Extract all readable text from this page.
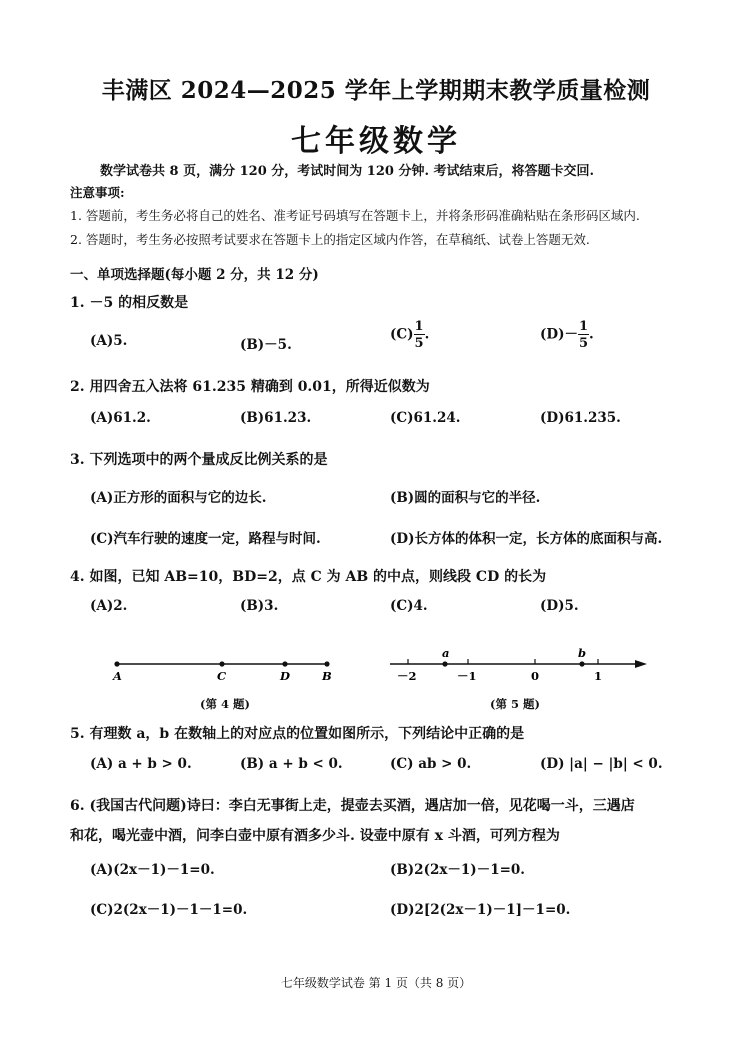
丰满区 2024—2025 学年上学期期末教学质量检测
七年级数学
数学试卷共 8 页，满分 120 分，考试时间为 120 分钟. 考试结束后，将答题卡交回.
注意事项:
1. 答题前，考生务必将自己的姓名、准考证号码填写在答题卡上，并将条形码准确粘贴在条形码区域内.
2. 答题时，考生务必按照考试要求在答题卡上的指定区域内作答，在草稿纸、试卷上答题无效.
一、单项选择题(每小题 2 分，共 12 分)
1. －5 的相反数是
(A)5.	(B)－5.
$(C) \frac{1}{5}$ .	$(D)- \frac{1}{5}$ .
2. 用四舍五入法将 61.235 精确到 0.01，所得近似数为
(A)61.2.	(B)61.23.	(C)61.24.	(D)61.235.
3. 下列选项中的两个量成反比例关系的是
(A)正方形的面积与它的边长.	(B)圆的面积与它的半径.
(C)汽车行驶的速度一定，路程与时间.	(D)长方体的体积一定，长方体的底面积与高.
4. 如图，已知 AB=10，BD=2，点 C 为 AB 的中点，则线段 CD 的长为
(A)2.	(B)3.	(C)4.	(D)5.
A	C	D	B
(第 4 题)
a	b
－2	－1	0	1
(第 5 题)
5. 有理数 a，b 在数轴上的对应点的位置如图所示，下列结论中正确的是
(A) a + b > 0.	(B) a + b < 0.	(C) ab > 0.	(D) |a| − |b| < 0.
6. (我国古代问题)诗曰：李白无事街上走，提壶去买酒，遇店加一倍，见花喝一斗，三遇店
和花，喝光壶中酒，问李白壶中原有酒多少斗. 设壶中原有 x 斗酒，可列方程为
(A)(2x－1)－1=0.	(B)2(2x－1)－1=0.
(C)2(2x－1)－1－1=0.	(D)2[2(2x－1)－1]－1=0.
七年级数学试卷 第 1 页（共 8 页）
